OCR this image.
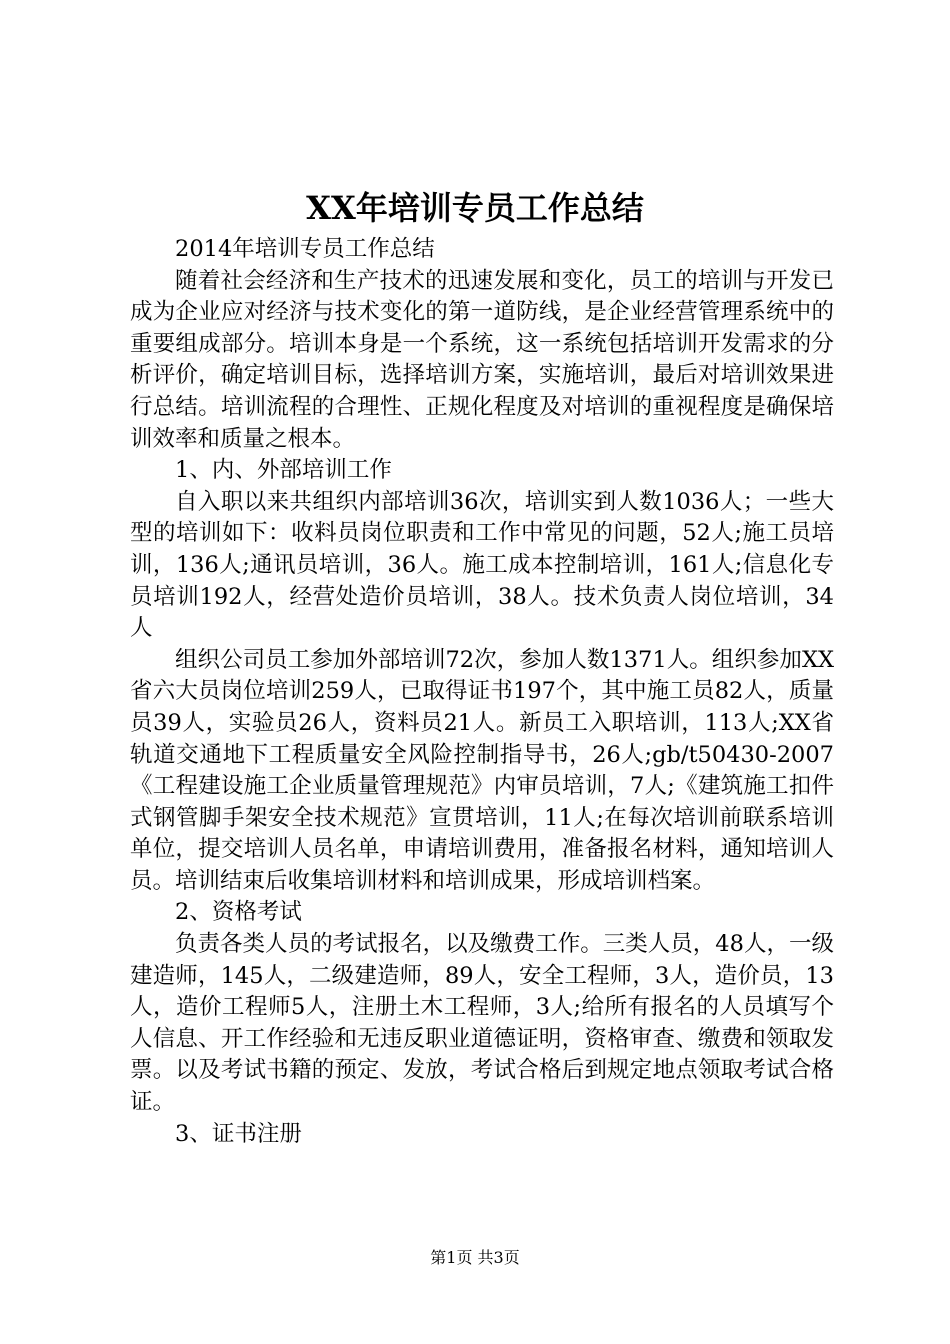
XX年培训专员工作总结

2014年培训专员工作总结

随着社会经济和生产技术的迅速发展和变化，员工的培训与开发已成为企业应对经济与技术变化的第一道防线，是企业经营管理系统中的重要组成部分。培训本身是一个系统，这一系统包括培训开发需求的分析评价，确定培训目标，选择培训方案，实施培训，最后对培训效果进行总结。培训流程的合理性、正规化程度及对培训的重视程度是确保培训效率和质量之根本。

1、内、外部培训工作

自入职以来共组织内部培训36次，培训实到人数1036人；一些大型的培训如下：收料员岗位职责和工作中常见的问题，52人;施工员培训，136人;通讯员培训，36人。施工成本控制培训，161人;信息化专员培训192人，经营处造价员培训，38人。技术负责人岗位培训，34人

组织公司员工参加外部培训72次，参加人数1371人。组织参加XX省六大员岗位培训259人，已取得证书197个，其中施工员82人，质量员39人，实验员26人，资料员21人。新员工入职培训，113人;XX省轨道交通地下工程质量安全风险控制指导书，26人;gb/t50430-2007《工程建设施工企业质量管理规范》内审员培训，7人;《建筑施工扣件式钢管脚手架安全技术规范》宣贯培训，11人;在每次培训前联系培训单位，提交培训人员名单，申请培训费用，准备报名材料，通知培训人员。培训结束后收集培训材料和培训成果，形成培训档案。

2、资格考试

负责各类人员的考试报名，以及缴费工作。三类人员，48人，一级建造师，145人，二级建造师，89人，安全工程师，3人，造价员，13人，造价工程师5人，注册土木工程师，3人;给所有报名的人员填写个人信息、开工作经验和无违反职业道德证明，资格审查、缴费和领取发票。以及考试书籍的预定、发放，考试合格后到规定地点领取考试合格证。

3、证书注册

第1页 共3页
